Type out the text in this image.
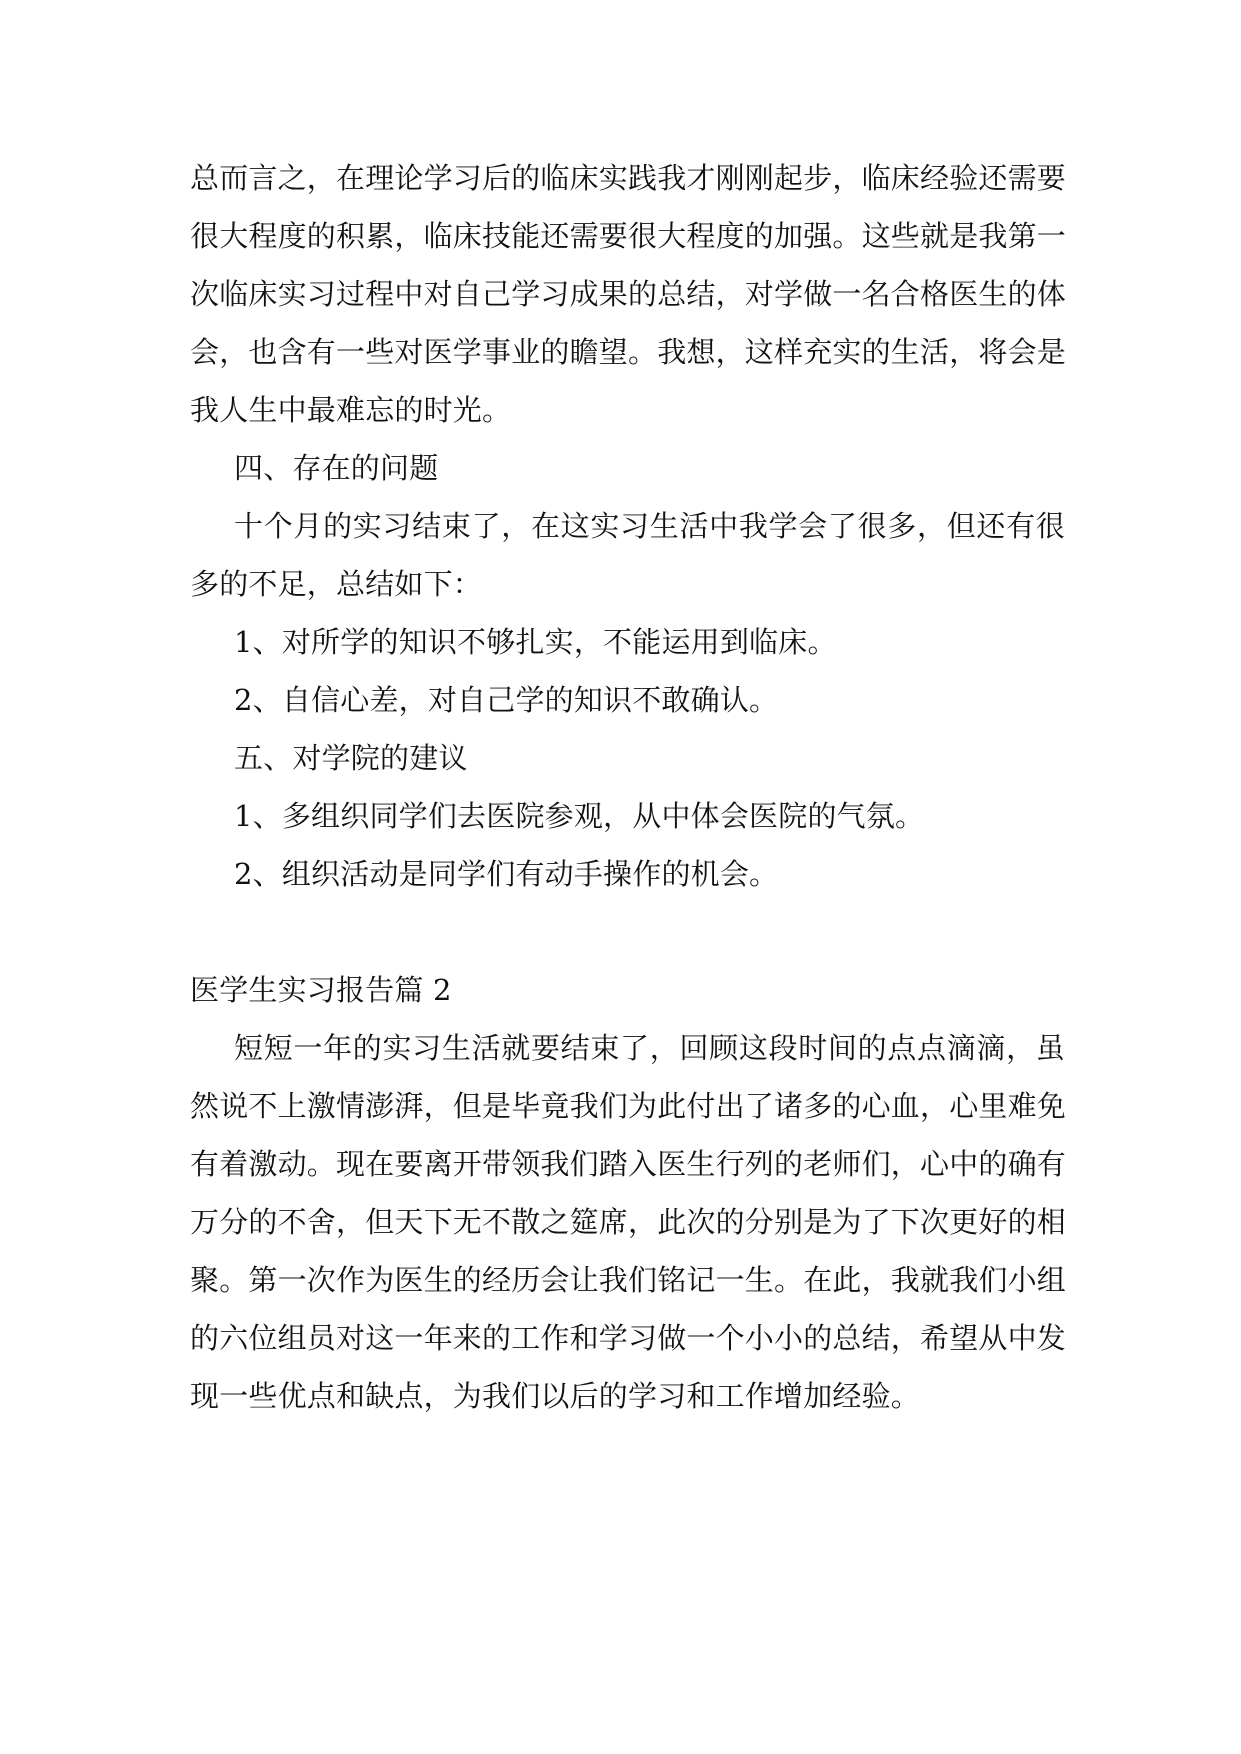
总而言之，在理论学习后的临床实践我才刚刚起步，临床经验还需要
很大程度的积累，临床技能还需要很大程度的加强。这些就是我第一
次临床实习过程中对自己学习成果的总结，对学做一名合格医生的体
会，也含有一些对医学事业的瞻望。我想，这样充实的生活，将会是
我人生中最难忘的时光。
四、存在的问题
十个月的实习结束了，在这实习生活中我学会了很多，但还有很
多的不足，总结如下：
1、对所学的知识不够扎实，不能运用到临床。
2、自信心差，对自己学的知识不敢确认。
五、对学院的建议
1、多组织同学们去医院参观，从中体会医院的气氛。
2、组织活动是同学们有动手操作的机会。
医学生实习报告篇 2
短短一年的实习生活就要结束了，回顾这段时间的点点滴滴，虽
然说不上激情澎湃，但是毕竟我们为此付出了诸多的心血，心里难免
有着激动。现在要离开带领我们踏入医生行列的老师们，心中的确有
万分的不舍，但天下无不散之筵席，此次的分别是为了下次更好的相
聚。第一次作为医生的经历会让我们铭记一生。在此，我就我们小组
的六位组员对这一年来的工作和学习做一个小小的总结，希望从中发
现一些优点和缺点，为我们以后的学习和工作增加经验。
